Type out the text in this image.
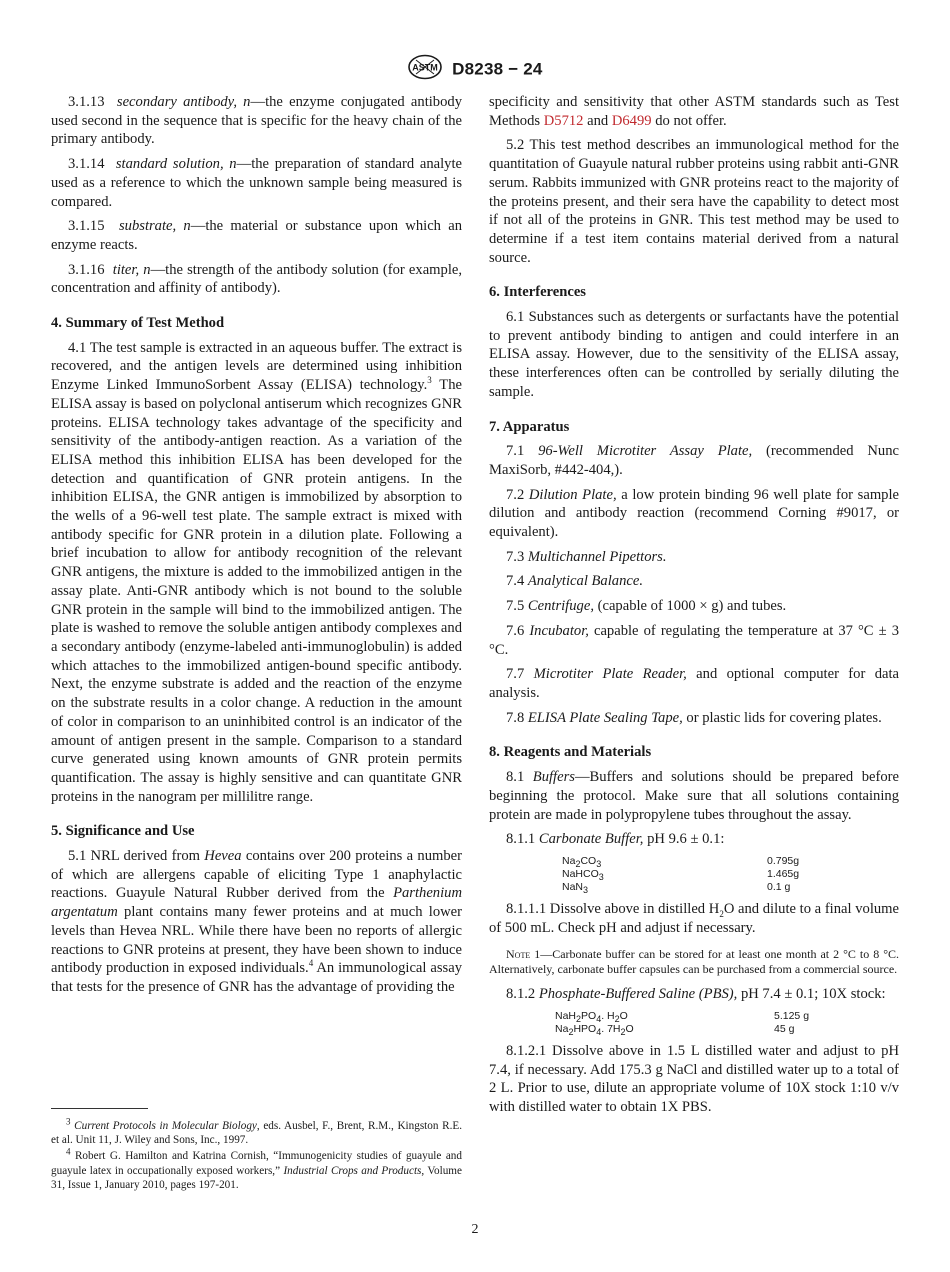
ASTM D8238 − 24

3.1.13 secondary antibody, n—the enzyme conjugated antibody used second in the sequence that is specific for the heavy chain of the primary antibody.

3.1.14 standard solution, n—the preparation of standard analyte used as a reference to which the unknown sample being measured is compared.

3.1.15 substrate, n—the material or substance upon which an enzyme reacts.

3.1.16 titer, n—the strength of the antibody solution (for example, concentration and affinity of antibody).

4. Summary of Test Method

4.1 The test sample is extracted in an aqueous buffer. The extract is recovered, and the antigen levels are determined using inhibition Enzyme Linked ImmunoSorbent Assay (ELISA) technology.$^3$ The ELISA assay is based on polyclonal antiserum which recognizes GNR proteins. ELISA technology takes advantage of the specificity and sensitivity of the antibody-antigen reaction. As a variation of the ELISA method this inhibition ELISA has been developed for the detection and quantification of GNR protein antigens. In the inhibition ELISA, the GNR antigen is immobilized by absorption to the wells of a 96-well test plate. The sample extract is mixed with antibody specific for GNR protein in a dilution plate. Following a brief incubation to allow for antibody recognition of the relevant GNR antigens, the mixture is added to the immobilized antigen in the assay plate. Anti-GNR antibody which is not bound to the soluble GNR protein in the sample will bind to the immobilized antigen. The plate is washed to remove the soluble antigen antibody complexes and a secondary antibody (enzyme-labeled anti-immunoglobulin) is added which attaches to the immobilized antigen-bound specific antibody. Next, the enzyme substrate is added and the reaction of the enzyme on the substrate results in a color change. A reduction in the amount of color in comparison to an uninhibited control is an indicator of the amount of antigen present in the sample. Comparison to a standard curve generated using known amounts of GNR protein permits quantification. The assay is highly sensitive and can quantitate GNR proteins in the nanogram per millilitre range.

5. Significance and Use

5.1 NRL derived from Hevea contains over 200 proteins a number of which are allergens capable of eliciting Type 1 anaphylactic reactions. Guayule Natural Rubber derived from the Parthenium argentatum plant contains many fewer proteins and at much lower levels than Hevea NRL. While there have been no reports of allergic reactions to GNR proteins at present, they have been shown to induce antibody production in exposed individuals.$^4$ An immunological assay that tests for the presence of GNR has the advantage of providing the

$^3$ Current Protocols in Molecular Biology, eds. Ausbel, F., Brent, R.M., Kingston R.E. et al. Unit 11, J. Wiley and Sons, Inc., 1997.

$^4$ Robert G. Hamilton and Katrina Cornish, “Immunogenicity studies of guayule and guayule latex in occupationally exposed workers,” Industrial Crops and Products, Volume 31, Issue 1, January 2010, pages 197-201.

specificity and sensitivity that other ASTM standards such as Test Methods D5712 and D6499 do not offer.

5.2 This test method describes an immunological method for the quantitation of Guayule natural rubber proteins using rabbit anti-GNR serum. Rabbits immunized with GNR proteins react to the majority of the proteins present, and their sera have the capability to detect most if not all of the proteins in GNR. This test method may be used to determine if a test item contains material derived from a natural source.

6. Interferences

6.1 Substances such as detergents or surfactants have the potential to prevent antibody binding to antigen and could interfere in an ELISA assay. However, due to the sensitivity of the ELISA assay, these interferences often can be controlled by serially diluting the sample.

7. Apparatus

7.1 96-Well Microtiter Assay Plate, (recommended Nunc MaxiSorb, #442-404,).

7.2 Dilution Plate, a low protein binding 96 well plate for sample dilution and antibody reaction (recommend Corning #9017, or equivalent).

7.3 Multichannel Pipettors.

7.4 Analytical Balance.

7.5 Centrifuge, (capable of 1000 × g) and tubes.

7.6 Incubator, capable of regulating the temperature at 37 °C ± 3 °C.

7.7 Microtiter Plate Reader, and optional computer for data analysis.

7.8 ELISA Plate Sealing Tape, or plastic lids for covering plates.

8. Reagents and Materials

8.1 Buffers—Buffers and solutions should be prepared before beginning the protocol. Make sure that all solutions containing protein are made in polypropylene tubes throughout the assay.

8.1.1 Carbonate Buffer, pH 9.6 ± 0.1:

$Na_2CO_3$	0.795g
NaHCO$_3$	1.465g
NaN$_3$	0.1 g

8.1.1.1 Dissolve above in distilled $H_2O$ and dilute to a final volume of 500 mL. Check pH and adjust if necessary.

Note 1—Carbonate buffer can be stored for at least one month at 2 °C to 8 °C. Alternatively, carbonate buffer capsules can be purchased from a commercial source.

8.1.2 Phosphate-Buffered Saline (PBS), pH 7.4 ± 0.1; 10X stock:

$NaH_2PO_4$. $H_2O$	5.125 g
$Na_2HPO_4$. $7H_2O$	45 g

8.1.2.1 Dissolve above in 1.5 L distilled water and adjust to pH 7.4, if necessary. Add 175.3 g NaCl and distilled water up to a total of 2 L. Prior to use, dilute an appropriate volume of 10X stock 1:10 v/v with distilled water to obtain 1X PBS.

2
